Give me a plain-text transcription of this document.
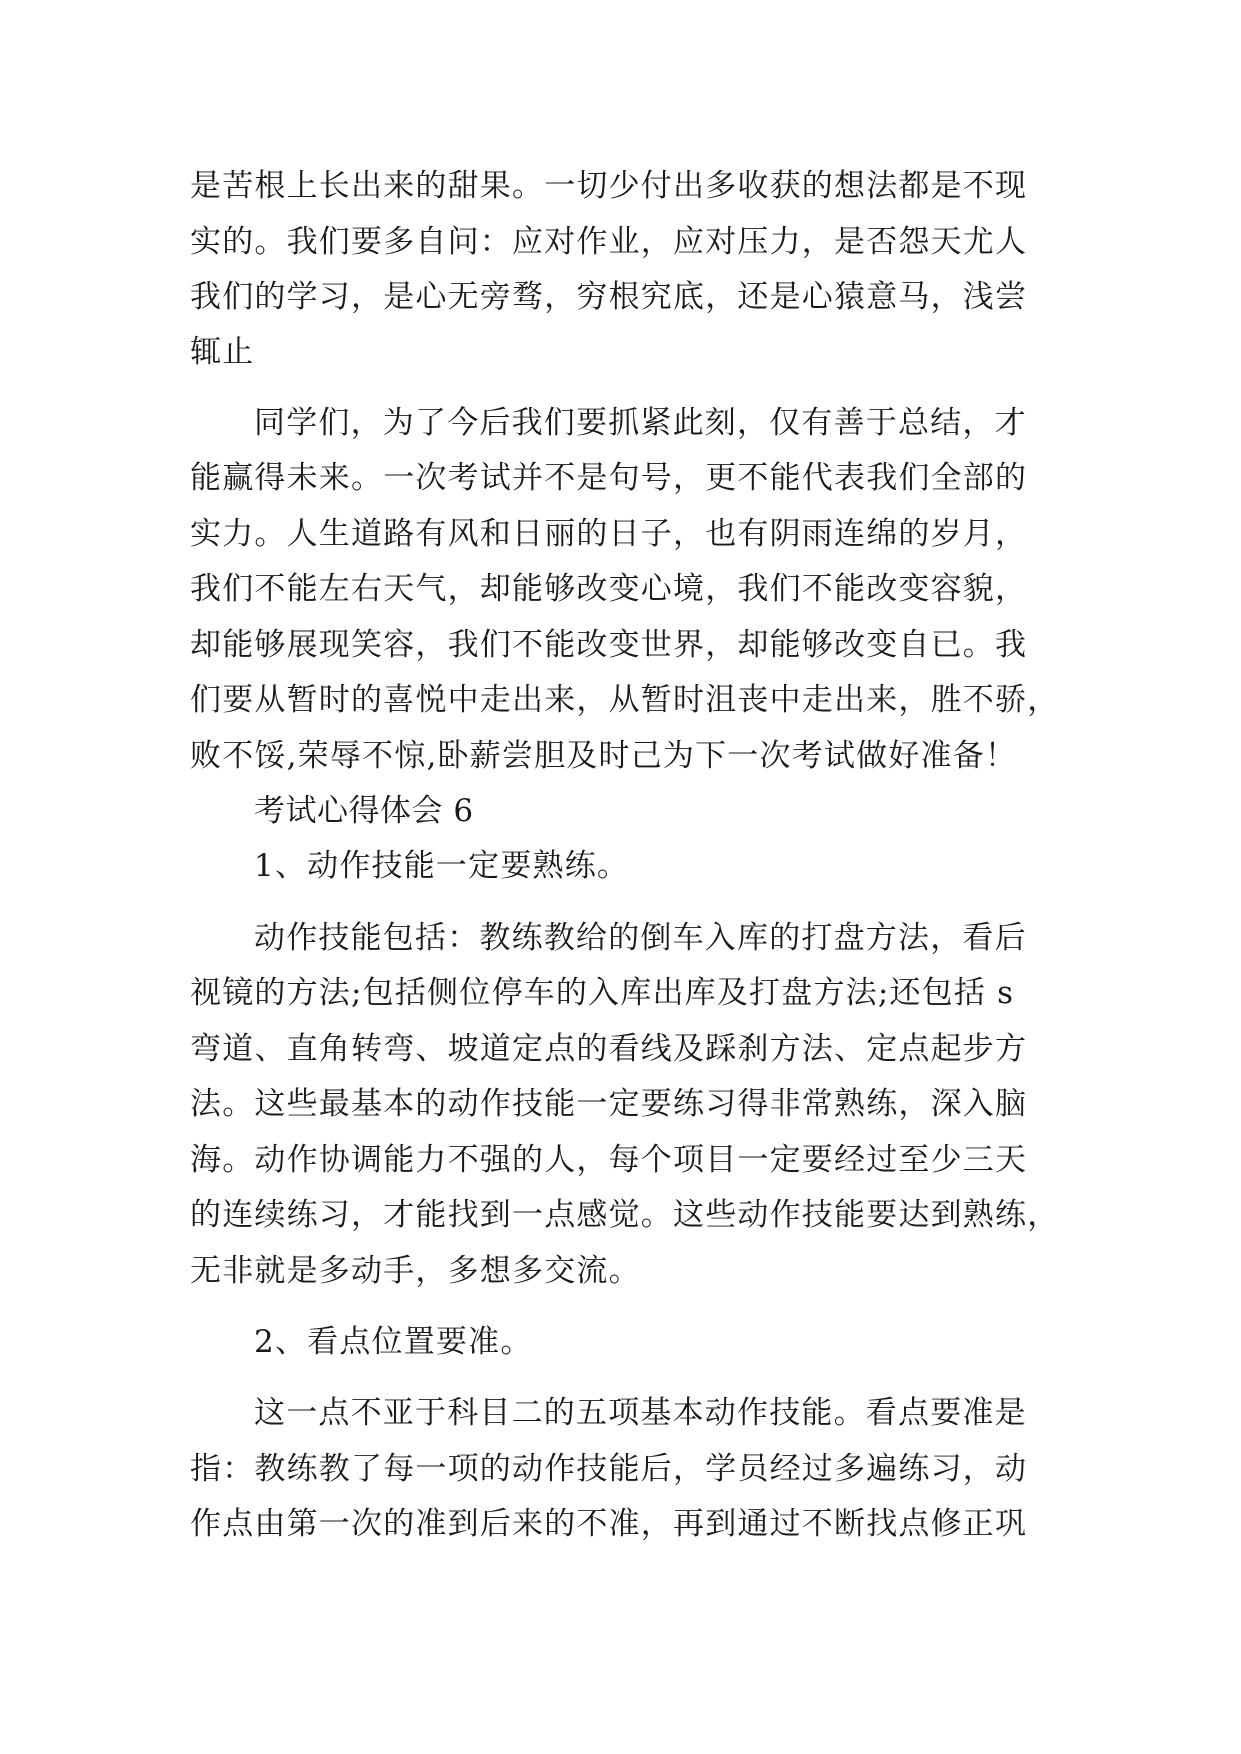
是苦根上长出来的甜果。一切少付出多收获的想法都是不现
实的。我们要多自问：应对作业，应对压力，是否怨天尤人
我们的学习，是心无旁骛，穷根究底，还是心猿意马，浅尝
辄止
同学们，为了今后我们要抓紧此刻，仅有善于总结，才
能赢得未来。一次考试并不是句号，更不能代表我们全部的
实力。人生道路有风和日丽的日子，也有阴雨连绵的岁月，
我们不能左右天气，却能够改变心境，我们不能改变容貌，
却能够展现笑容，我们不能改变世界，却能够改变自已。我
们要从暂时的喜悦中走出来，从暂时沮丧中走出来，胜不骄，
败不馁,荣辱不惊,卧薪尝胆及时己为下一次考试做好准备！
考试心得体会 6
1、动作技能一定要熟练。
动作技能包括：教练教给的倒车入库的打盘方法，看后
视镜的方法;包括侧位停车的入库出库及打盘方法;还包括 s
弯道、直角转弯、坡道定点的看线及踩刹方法、定点起步方
法。这些最基本的动作技能一定要练习得非常熟练，深入脑
海。动作协调能力不强的人，每个项目一定要经过至少三天
的连续练习，才能找到一点感觉。这些动作技能要达到熟练，
无非就是多动手，多想多交流。
2、看点位置要准。
这一点不亚于科目二的五项基本动作技能。看点要准是
指：教练教了每一项的动作技能后，学员经过多遍练习，动
作点由第一次的准到后来的不准，再到通过不断找点修正巩
